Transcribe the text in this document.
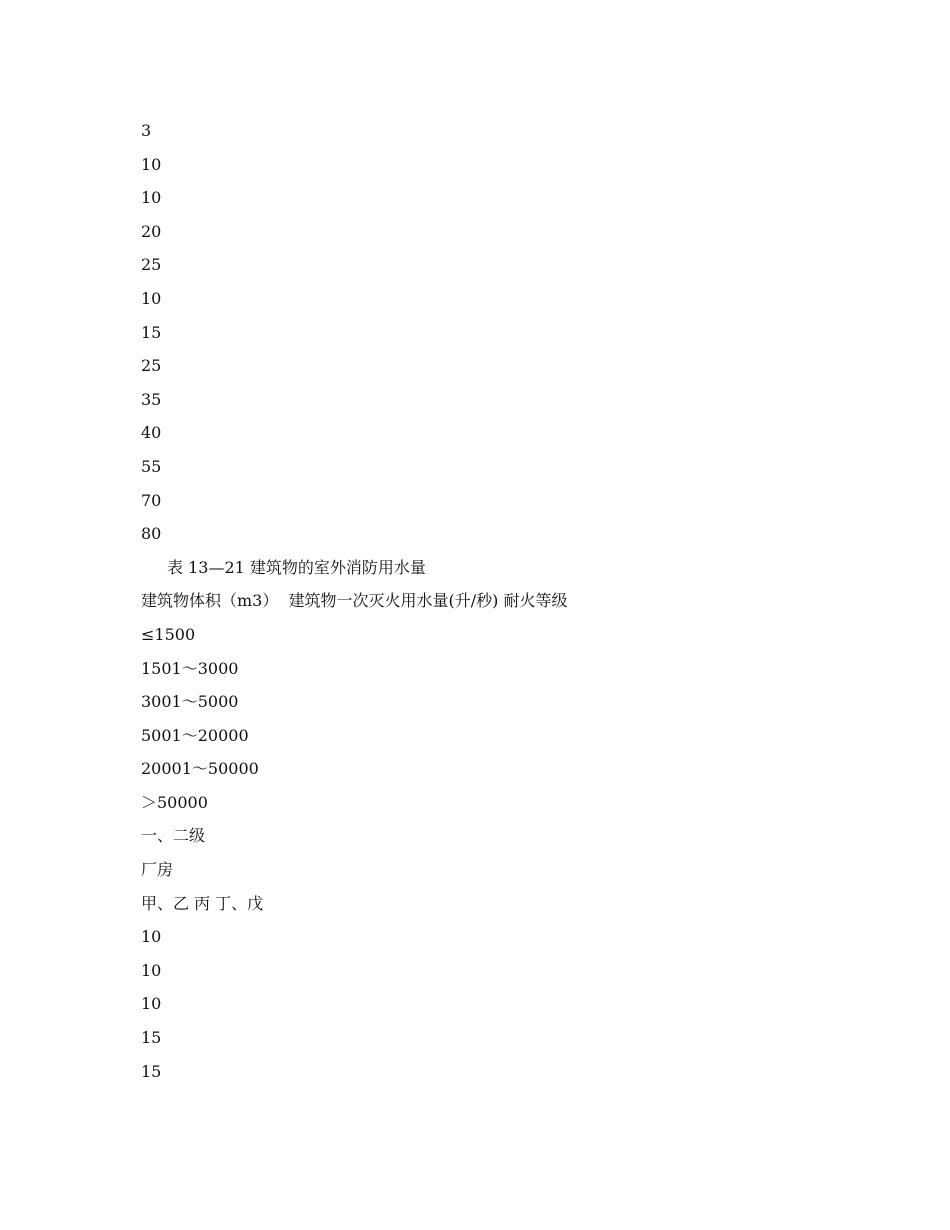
3
10
10
20
25
10
15
25
35
40
55
70
80
表 13—21 建筑物的室外消防用水量
建筑物体积（m3）  建筑物一次灭火用水量(升/秒) 耐火等级
≤1500
1501～3000
3001～5000
5001～20000
20001～50000
＞50000
一、二级
厂房
甲、乙 丙 丁、戊
10
10
10
15
15
